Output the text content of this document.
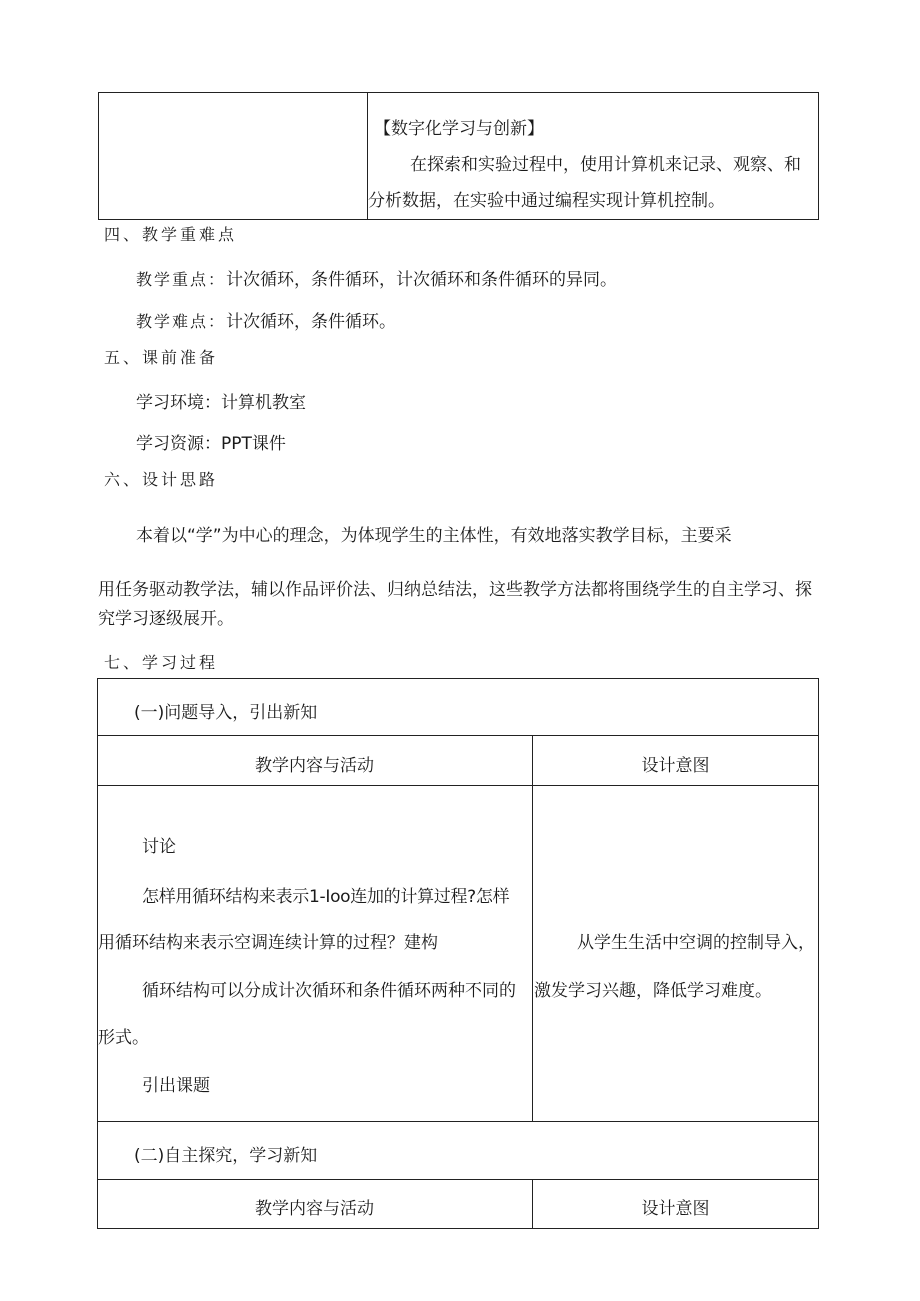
【数字化学习与创新】
在探索和实验过程中，使用计算机来记录、观察、和
分析数据，在实验中通过编程实现计算机控制。
四、教学重难点
教学重点：计次循环，条件循环，计次循环和条件循环的异同。
教学难点：计次循环，条件循环。
五、课前准备
学习环境：计算机教室
学习资源：PPT课件
六、设计思路
本着以“学”为中心的理念，为体现学生的主体性，有效地落实教学目标，主要采
用任务驱动教学法，辅以作品评价法、归纳总结法，这些教学方法都将围绕学生的自主学习、探
究学习逐级展开。
七、学习过程
(一)问题导入，引出新知
教学内容与活动	设计意图
讨论
怎样用循环结构来表示1-Ioo连加的计算过程?怎样
用循环结构来表示空调连续计算的过程？建构
循环结构可以分成计次循环和条件循环两种不同的
形式。
引出课题
从学生生活中空调的控制导入，
激发学习兴趣，降低学习难度。
(二)自主探究，学习新知
教学内容与活动	设计意图
